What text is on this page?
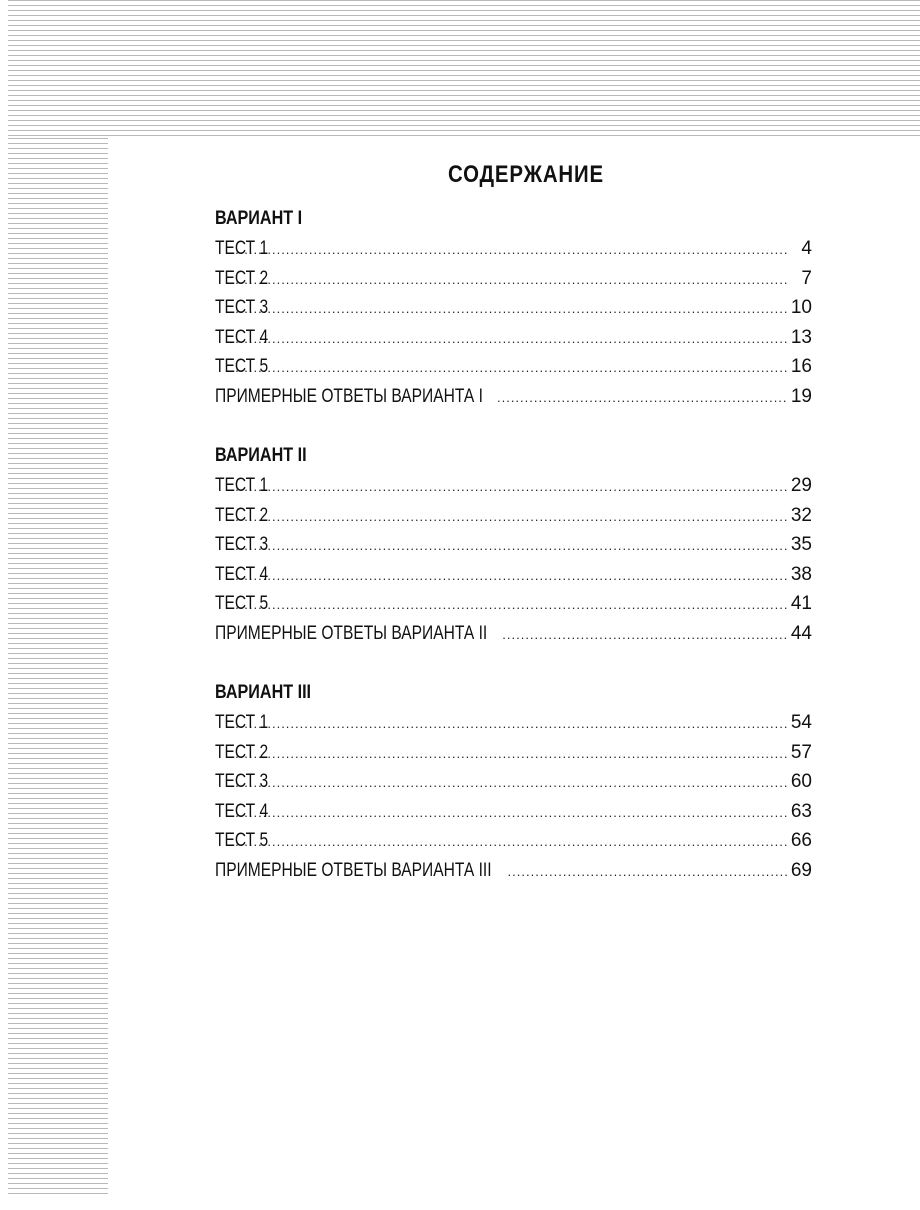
СОДЕРЖАНИЕ
ВАРИАНТ I
ТЕСТ 1 .....	4
ТЕСТ 2 .....	7
ТЕСТ 3 .....	10
ТЕСТ 4 .....	13
ТЕСТ 5 .....	16
ПРИМЕРНЫЕ ОТВЕТЫ ВАРИАНТА I .....	19
ВАРИАНТ II
ТЕСТ 1 .....	29
ТЕСТ 2 .....	32
ТЕСТ 3 .....	35
ТЕСТ 4 .....	38
ТЕСТ 5 .....	41
ПРИМЕРНЫЕ ОТВЕТЫ ВАРИАНТА II .....	44
ВАРИАНТ III
ТЕСТ 1 .....	54
ТЕСТ 2 .....	57
ТЕСТ 3 .....	60
ТЕСТ 4 .....	63
ТЕСТ 5 .....	66
ПРИМЕРНЫЕ ОТВЕТЫ ВАРИАНТА III .....	69
